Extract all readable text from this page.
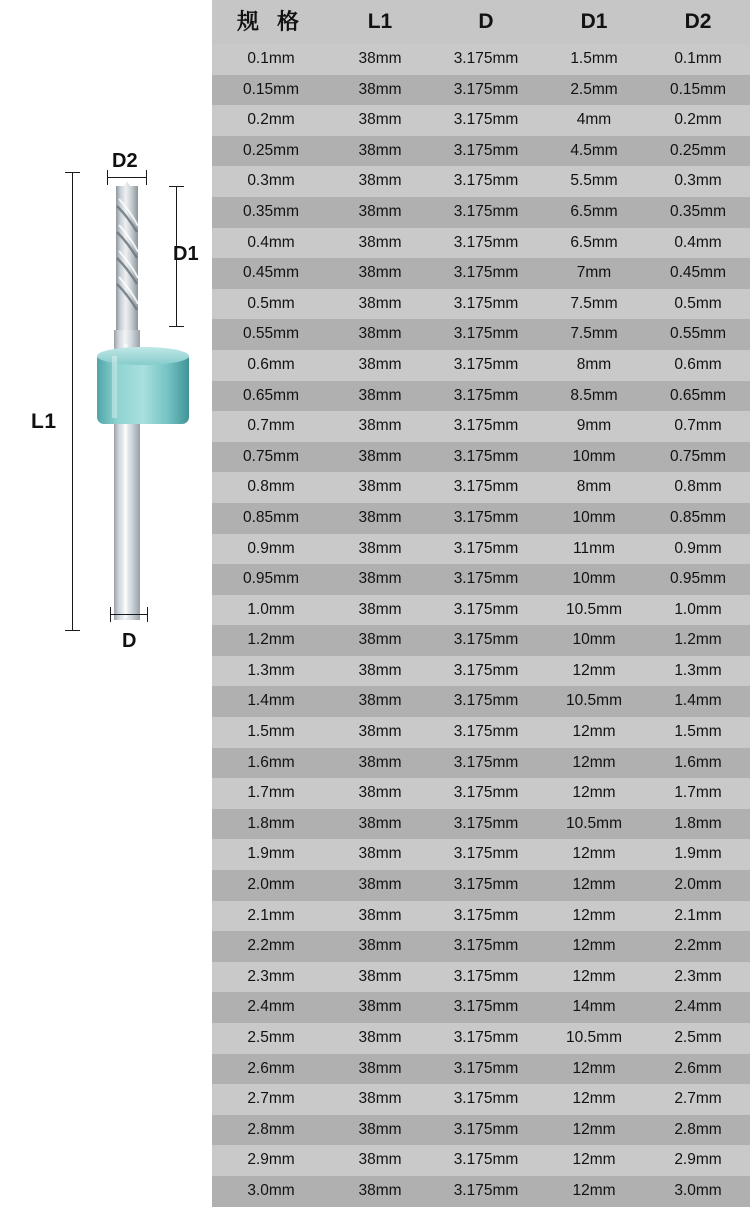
L1
D2
D1
D
规 格	L1	D	D1	D2
0.1mm	38mm	3.175mm	1.5mm	0.1mm
0.15mm	38mm	3.175mm	2.5mm	0.15mm
0.2mm	38mm	3.175mm	4mm	0.2mm
0.25mm	38mm	3.175mm	4.5mm	0.25mm
0.3mm	38mm	3.175mm	5.5mm	0.3mm
0.35mm	38mm	3.175mm	6.5mm	0.35mm
0.4mm	38mm	3.175mm	6.5mm	0.4mm
0.45mm	38mm	3.175mm	7mm	0.45mm
0.5mm	38mm	3.175mm	7.5mm	0.5mm
0.55mm	38mm	3.175mm	7.5mm	0.55mm
0.6mm	38mm	3.175mm	8mm	0.6mm
0.65mm	38mm	3.175mm	8.5mm	0.65mm
0.7mm	38mm	3.175mm	9mm	0.7mm
0.75mm	38mm	3.175mm	10mm	0.75mm
0.8mm	38mm	3.175mm	8mm	0.8mm
0.85mm	38mm	3.175mm	10mm	0.85mm
0.9mm	38mm	3.175mm	11mm	0.9mm
0.95mm	38mm	3.175mm	10mm	0.95mm
1.0mm	38mm	3.175mm	10.5mm	1.0mm
1.2mm	38mm	3.175mm	10mm	1.2mm
1.3mm	38mm	3.175mm	12mm	1.3mm
1.4mm	38mm	3.175mm	10.5mm	1.4mm
1.5mm	38mm	3.175mm	12mm	1.5mm
1.6mm	38mm	3.175mm	12mm	1.6mm
1.7mm	38mm	3.175mm	12mm	1.7mm
1.8mm	38mm	3.175mm	10.5mm	1.8mm
1.9mm	38mm	3.175mm	12mm	1.9mm
2.0mm	38mm	3.175mm	12mm	2.0mm
2.1mm	38mm	3.175mm	12mm	2.1mm
2.2mm	38mm	3.175mm	12mm	2.2mm
2.3mm	38mm	3.175mm	12mm	2.3mm
2.4mm	38mm	3.175mm	14mm	2.4mm
2.5mm	38mm	3.175mm	10.5mm	2.5mm
2.6mm	38mm	3.175mm	12mm	2.6mm
2.7mm	38mm	3.175mm	12mm	2.7mm
2.8mm	38mm	3.175mm	12mm	2.8mm
2.9mm	38mm	3.175mm	12mm	2.9mm
3.0mm	38mm	3.175mm	12mm	3.0mm
